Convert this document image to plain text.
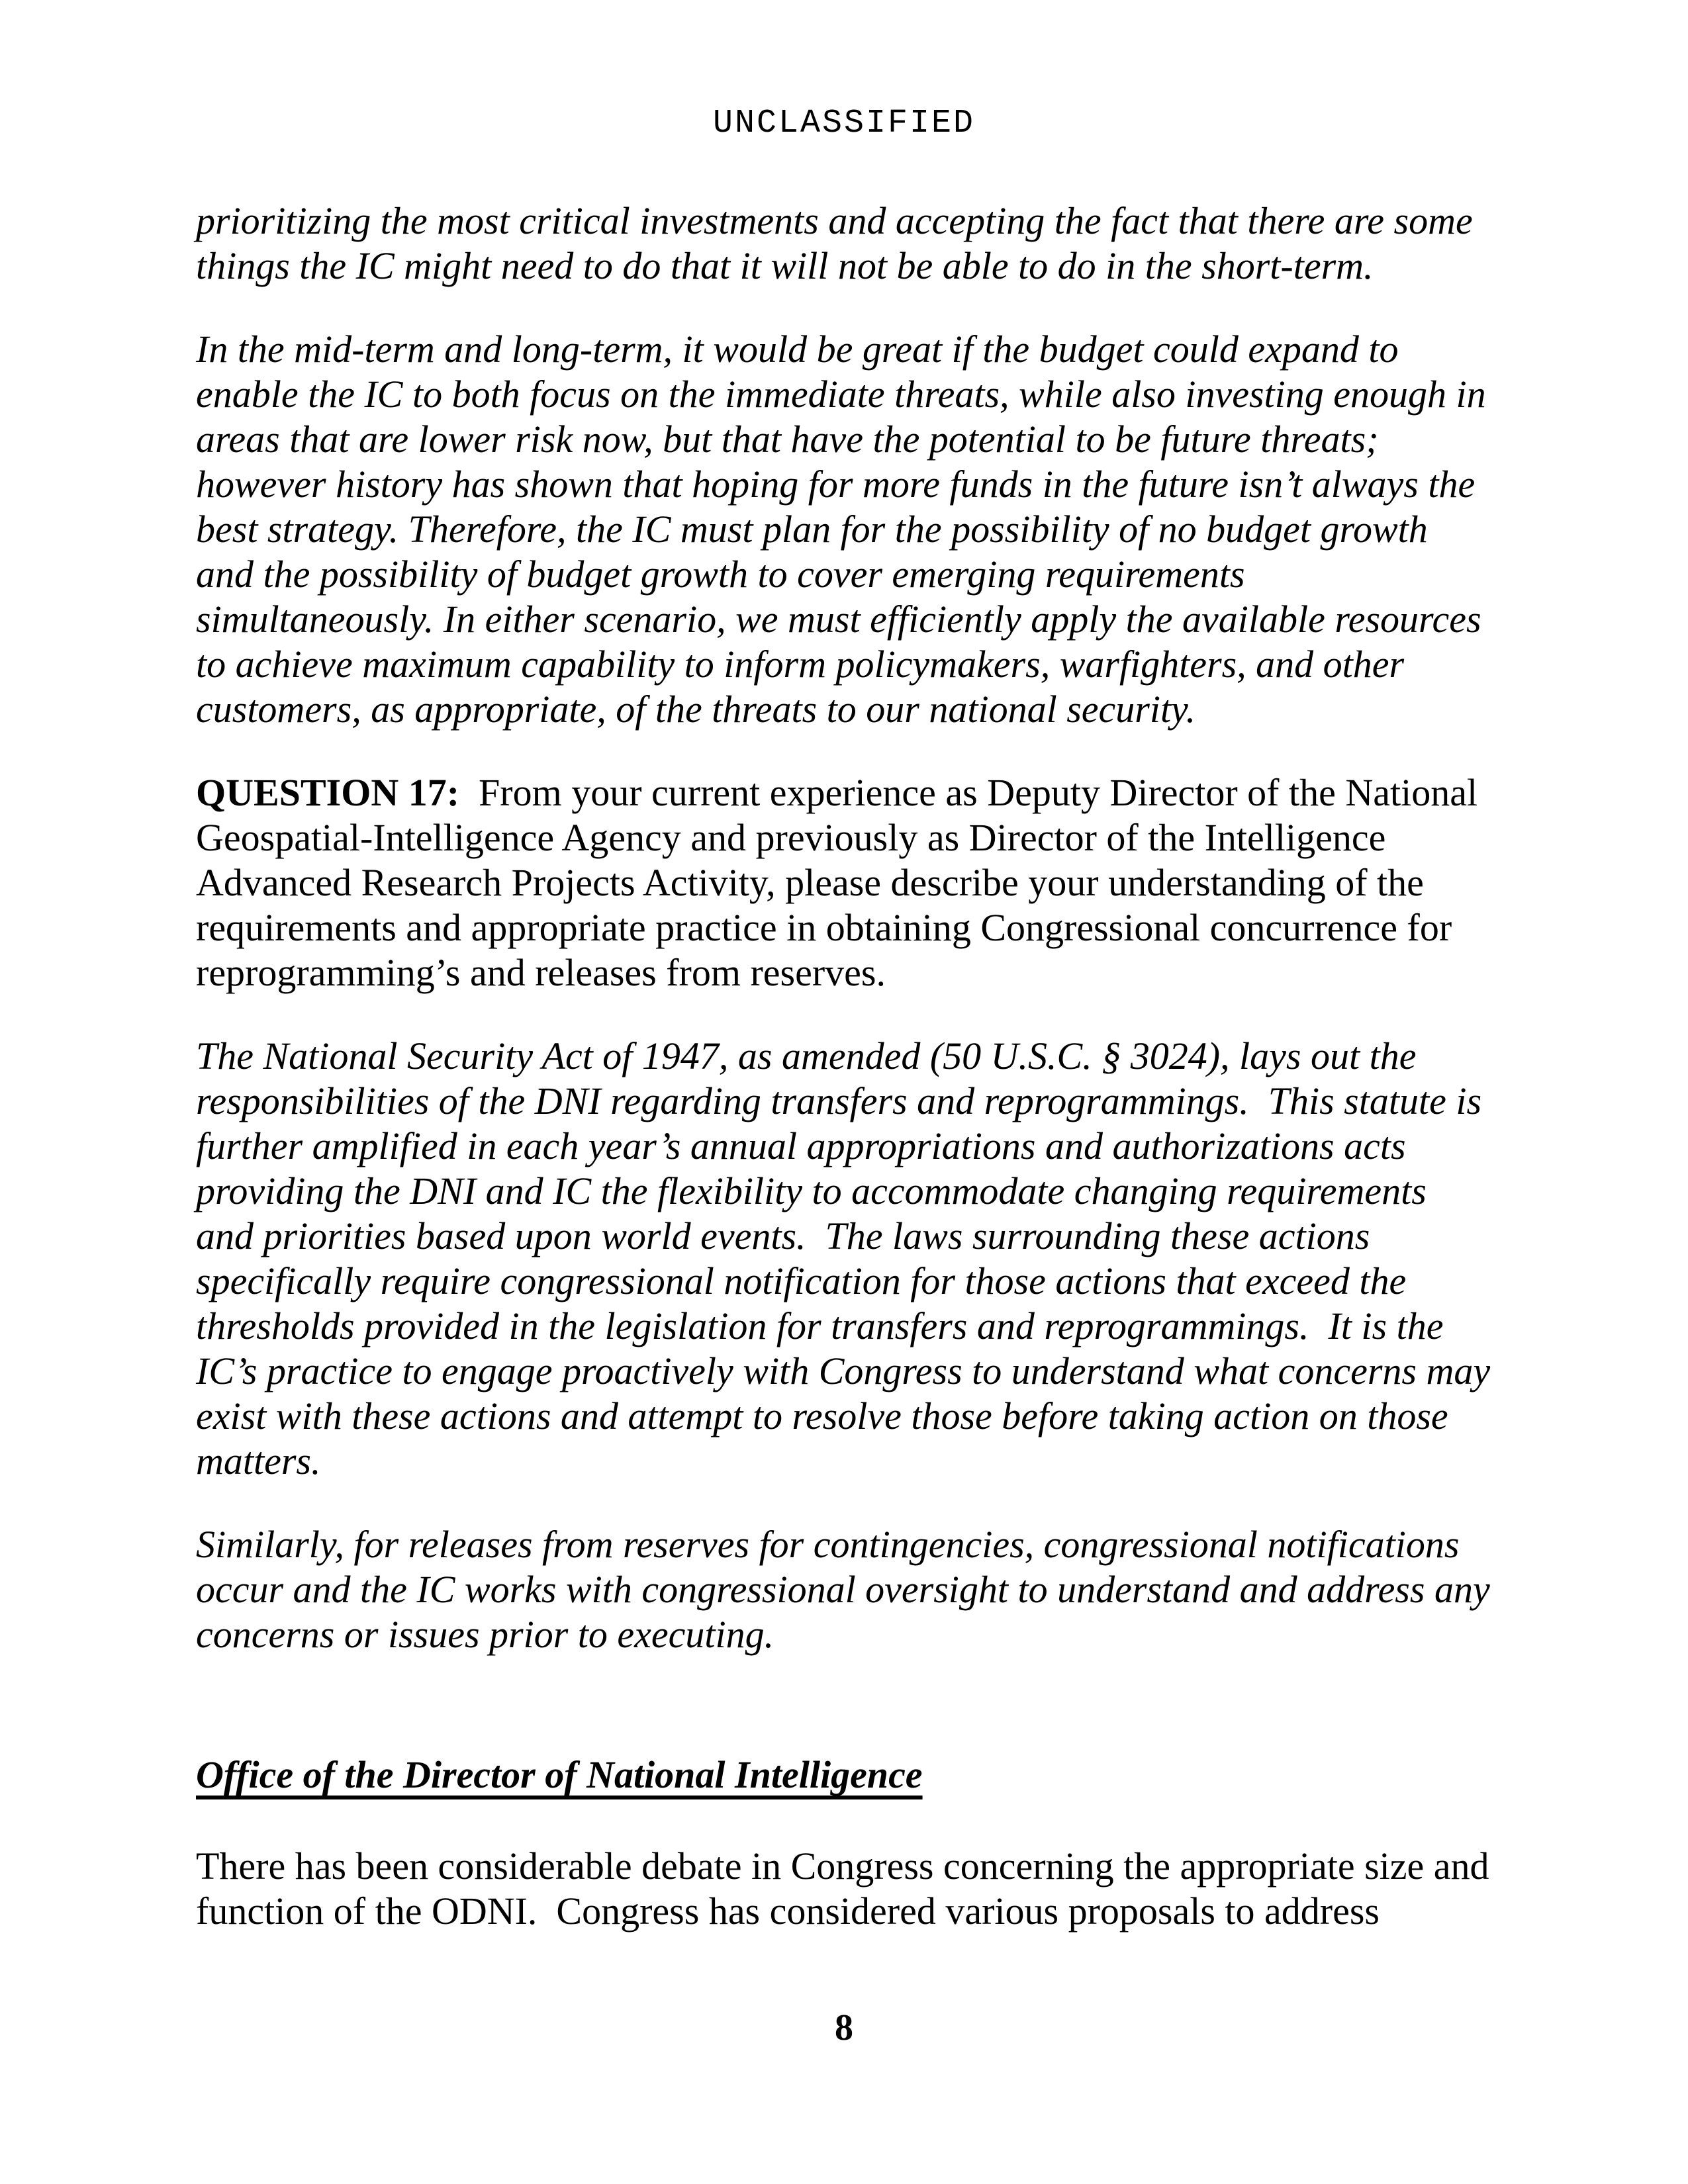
UNCLASSIFIED

prioritizing the most critical investments and accepting the fact that there are some things the IC might need to do that it will not be able to do in the short-term.

In the mid-term and long-term, it would be great if the budget could expand to enable the IC to both focus on the immediate threats, while also investing enough in areas that are lower risk now, but that have the potential to be future threats; however history has shown that hoping for more funds in the future isn’t always the best strategy. Therefore, the IC must plan for the possibility of no budget growth and the possibility of budget growth to cover emerging requirements simultaneously. In either scenario, we must efficiently apply the available resources to achieve maximum capability to inform policymakers, warfighters, and other customers, as appropriate, of the threats to our national security.

QUESTION 17:  From your current experience as Deputy Director of the National Geospatial-Intelligence Agency and previously as Director of the Intelligence Advanced Research Projects Activity, please describe your understanding of the requirements and appropriate practice in obtaining Congressional concurrence for reprogramming’s and releases from reserves.

The National Security Act of 1947, as amended (50 U.S.C. § 3024), lays out the responsibilities of the DNI regarding transfers and reprogrammings.  This statute is further amplified in each year’s annual appropriations and authorizations acts providing the DNI and IC the flexibility to accommodate changing requirements and priorities based upon world events.  The laws surrounding these actions specifically require congressional notification for those actions that exceed the thresholds provided in the legislation for transfers and reprogrammings.  It is the IC’s practice to engage proactively with Congress to understand what concerns may exist with these actions and attempt to resolve those before taking action on those matters.

Similarly, for releases from reserves for contingencies, congressional notifications occur and the IC works with congressional oversight to understand and address any concerns or issues prior to executing.

Office of the Director of National Intelligence

There has been considerable debate in Congress concerning the appropriate size and function of the ODNI.  Congress has considered various proposals to address

8
